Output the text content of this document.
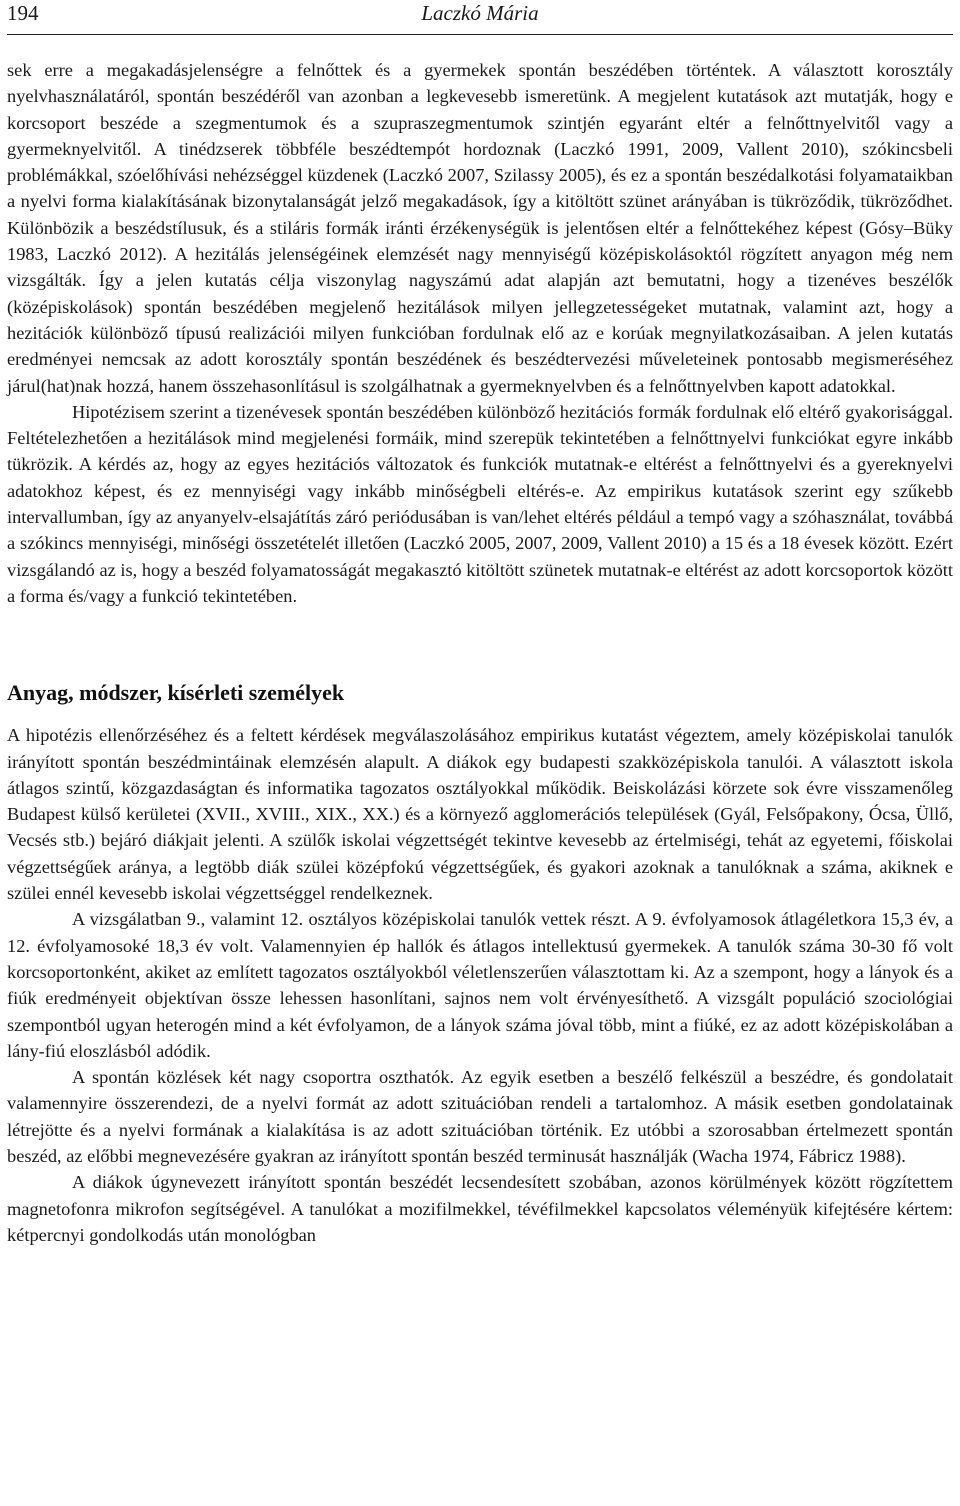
194	Laczkó Mária

sek erre a megakadásjelenségre a felnőttek és a gyermekek spontán beszédében történtek. A választott korosztály nyelvhasználatáról, spontán beszédéről van azonban a legkevesebb ismeretünk. A megjelent kutatások azt mutatják, hogy e korcsoport beszéde a szegmentumok és a szupraszegmentumok szintjén egyaránt eltér a felnőttnyelvitől vagy a gyermeknyelvitől. A tinédzserek többféle beszédtempót hordoznak (Laczkó 1991, 2009, Vallent 2010), szókincsbeli problémákkal, szóelőhívási nehézséggel küzdenek (Laczkó 2007, Szilassy 2005), és ez a spontán beszédalkotási folyamataikban a nyelvi forma kialakításának bizonytalanságát jelző megakadások, így a kitöltött szünet arányában is tükröződik, tükröződhet. Különbözik a beszédstílusuk, és a stiláris formák iránti érzékenységük is jelentősen eltér a felnőttekéhez képest (Gósy–Büky 1983, Laczkó 2012). A hezitálás jelenségéinek elemzését nagy mennyiségű középiskolásoktól rögzített anyagon még nem vizsgálták. Így a jelen kutatás célja viszonylag nagyszámú adat alapján azt bemutatni, hogy a tizenéves beszélők (középiskolások) spontán beszédében megjelenő hezitálások milyen jellegzetességeket mutatnak, valamint azt, hogy a hezitációk különböző típusú realizációi milyen funkcióban fordulnak elő az e korúak megnyilatkozásaiban. A jelen kutatás eredményei nemcsak az adott korosztály spontán beszédének és beszédtervezési műveleteinek pontosabb megismeréséhez járul(hat)nak hozzá, hanem összehasonlításul is szolgálhatnak a gyermeknyelvben és a felnőttnyelvben kapott adatokkal.

Hipotézisem szerint a tizenévesek spontán beszédében különböző hezitációs formák fordulnak elő eltérő gyakorisággal. Feltételezhetően a hezitálások mind megjelenési formáik, mind szerepük tekintetében a felnőttnyelvi funkciókat egyre inkább tükrözik. A kérdés az, hogy az egyes hezitációs változatok és funkciók mutatnak-e eltérést a felnőttnyelvi és a gyereknyelvi adatokhoz képest, és ez mennyiségi vagy inkább minőségbeli eltérés-e. Az empirikus kutatások szerint egy szűkebb intervallumban, így az anyanyelv-elsajátítás záró periódusában is van/lehet eltérés például a tempó vagy a szóhasználat, továbbá a szókincs mennyiségi, minőségi összetételét illetően (Laczkó 2005, 2007, 2009, Vallent 2010) a 15 és a 18 évesek között. Ezért vizsgálandó az is, hogy a beszéd folyamatosságát megakasztó kitöltött szünetek mutatnak-e eltérést az adott korcsoportok között a forma és/vagy a funkció tekintetében.

Anyag, módszer, kísérleti személyek

A hipotézis ellenőrzéséhez és a feltett kérdések megválaszolásához empirikus kutatást végeztem, amely középiskolai tanulók irányított spontán beszédmintáinak elemzésén alapult. A diákok egy budapesti szakközépiskola tanulói. A választott iskola átlagos szintű, közgazdaságtan és informatika tagozatos osztályokkal működik. Beiskolázási körzete sok évre visszamenőleg Budapest külső kerületei (XVII., XVIII., XIX., XX.) és a környező agglomerációs települések (Gyál, Felsőpakony, Ócsa, Üllő, Vecsés stb.) bejáró diákjait jelenti. A szülők iskolai végzettségét tekintve kevesebb az értelmiségi, tehát az egyetemi, főiskolai végzettségűek aránya, a legtöbb diák szülei középfokú végzettségűek, és gyakori azoknak a tanulóknak a száma, akiknek e szülei ennél kevesebb iskolai végzettséggel rendelkeznek.

A vizsgálatban 9., valamint 12. osztályos középiskolai tanulók vettek részt. A 9. évfolyamosok átlagéletkora 15,3 év, a 12. évfolyamosoké 18,3 év volt. Valamennyien ép hallók és átlagos intellektusú gyermekek. A tanulók száma 30-30 fő volt korcsoportonként, akiket az említett tagozatos osztályokból véletlenszerűen választottam ki. Az a szempont, hogy a lányok és a fiúk eredményeit objektívan össze lehessen hasonlítani, sajnos nem volt érvényesíthető. A vizsgált populáció szociológiai szempontból ugyan heterogén mind a két évfolyamon, de a lányok száma jóval több, mint a fiúké, ez az adott középiskolában a lány-fiú eloszlásból adódik.

A spontán közlések két nagy csoportra oszthatók. Az egyik esetben a beszélő felkészül a beszédre, és gondolatait valamennyire összerendezi, de a nyelvi formát az adott szituációban rendeli a tartalomhoz. A másik esetben gondolatainak létrejötte és a nyelvi formának a kialakítása is az adott szituációban történik. Ez utóbbi a szorosabban értelmezett spontán beszéd, az előbbi megnevezésére gyakran az irányított spontán beszéd terminusát használják (Wacha 1974, Fábricz 1988).

A diákok úgynevezett irányított spontán beszédét lecsendesített szobában, azonos körülmények között rögzítettem magnetofonra mikrofon segítségével. A tanulókat a mozifilmekkel, tévéfilmekkel kapcsolatos véleményük kifejtésére kértem: kétpercnyi gondolkodás után monológban
